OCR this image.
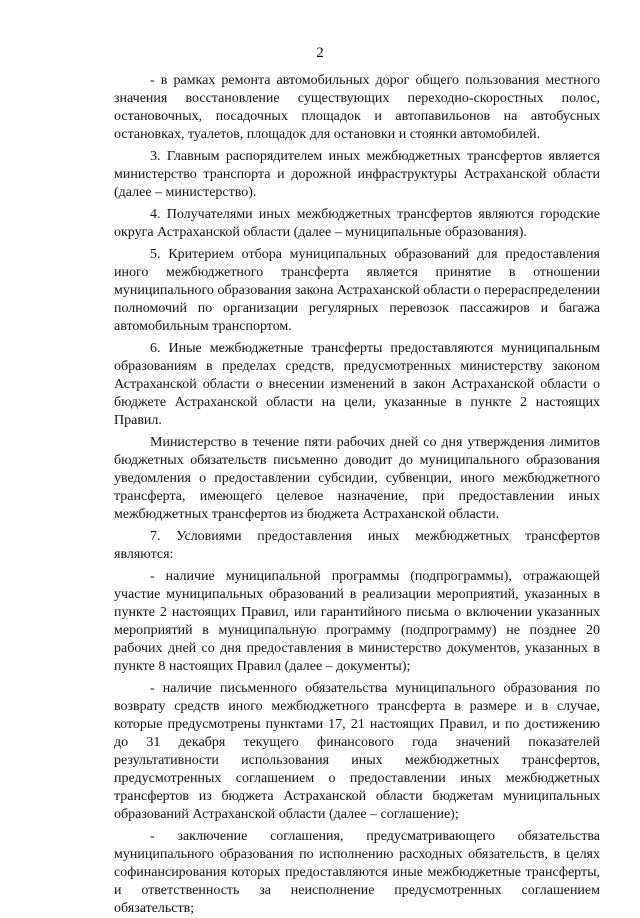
2

- в рамках ремонта автомобильных дорог общего пользования местного значения восстановление существующих переходно-скоростных полос, остановочных, посадочных площадок и автопавильонов на автобусных остановках, туалетов, площадок для остановки и стоянки автомобилей.

3. Главным распорядителем иных межбюджетных трансфертов является министерство транспорта и дорожной инфраструктуры Астраханской области (далее – министерство).

4. Получателями иных межбюджетных трансфертов являются городские округа Астраханской области (далее – муниципальные образования).

5. Критерием отбора муниципальных образований для предоставления иного межбюджетного трансферта является принятие в отношении муниципального образования закона Астраханской области о перераспределении полномочий по организации регулярных перевозок пассажиров и багажа автомобильным транспортом.

6. Иные межбюджетные трансферты предоставляются муниципальным образованиям в пределах средств, предусмотренных министерству законом Астраханской области о внесении изменений в закон Астраханской области о бюджете Астраханской области на цели, указанные в пункте 2 настоящих Правил.

Министерство в течение пяти рабочих дней со дня утверждения лимитов бюджетных обязательств письменно доводит до муниципального образования уведомления о предоставлении субсидии, субвенции, иного межбюджетного трансферта, имеющего целевое назначение, при предоставлении иных межбюджетных трансфертов из бюджета Астраханской области.

7. Условиями предоставления иных межбюджетных трансфертов являются:

- наличие муниципальной программы (подпрограммы), отражающей участие муниципальных образований в реализации мероприятий, указанных в пункте 2 настоящих Правил, или гарантийного письма о включении указанных мероприятий в муниципальную программу (подпрограмму) не позднее 20 рабочих дней со дня предоставления в министерство документов, указанных в пункте 8 настоящих Правил (далее – документы);

- наличие письменного обязательства муниципального образования по возврату средств иного межбюджетного трансферта в размере и в случае, которые предусмотрены пунктами 17, 21 настоящих Правил, и по достижению до 31 декабря текущего финансового года значений показателей результативности использования иных межбюджетных трансфертов, предусмотренных соглашением о предоставлении иных межбюджетных трансфертов из бюджета Астраханской области бюджетам муниципальных образований Астраханской области (далее – соглашение);

- заключение соглашения, предусматривающего обязательства муниципального образования по исполнению расходных обязательств, в целях софинансирования которых предоставляются иные межбюджетные трансферты, и ответственность за неисполнение предусмотренных соглашением обязательств;
